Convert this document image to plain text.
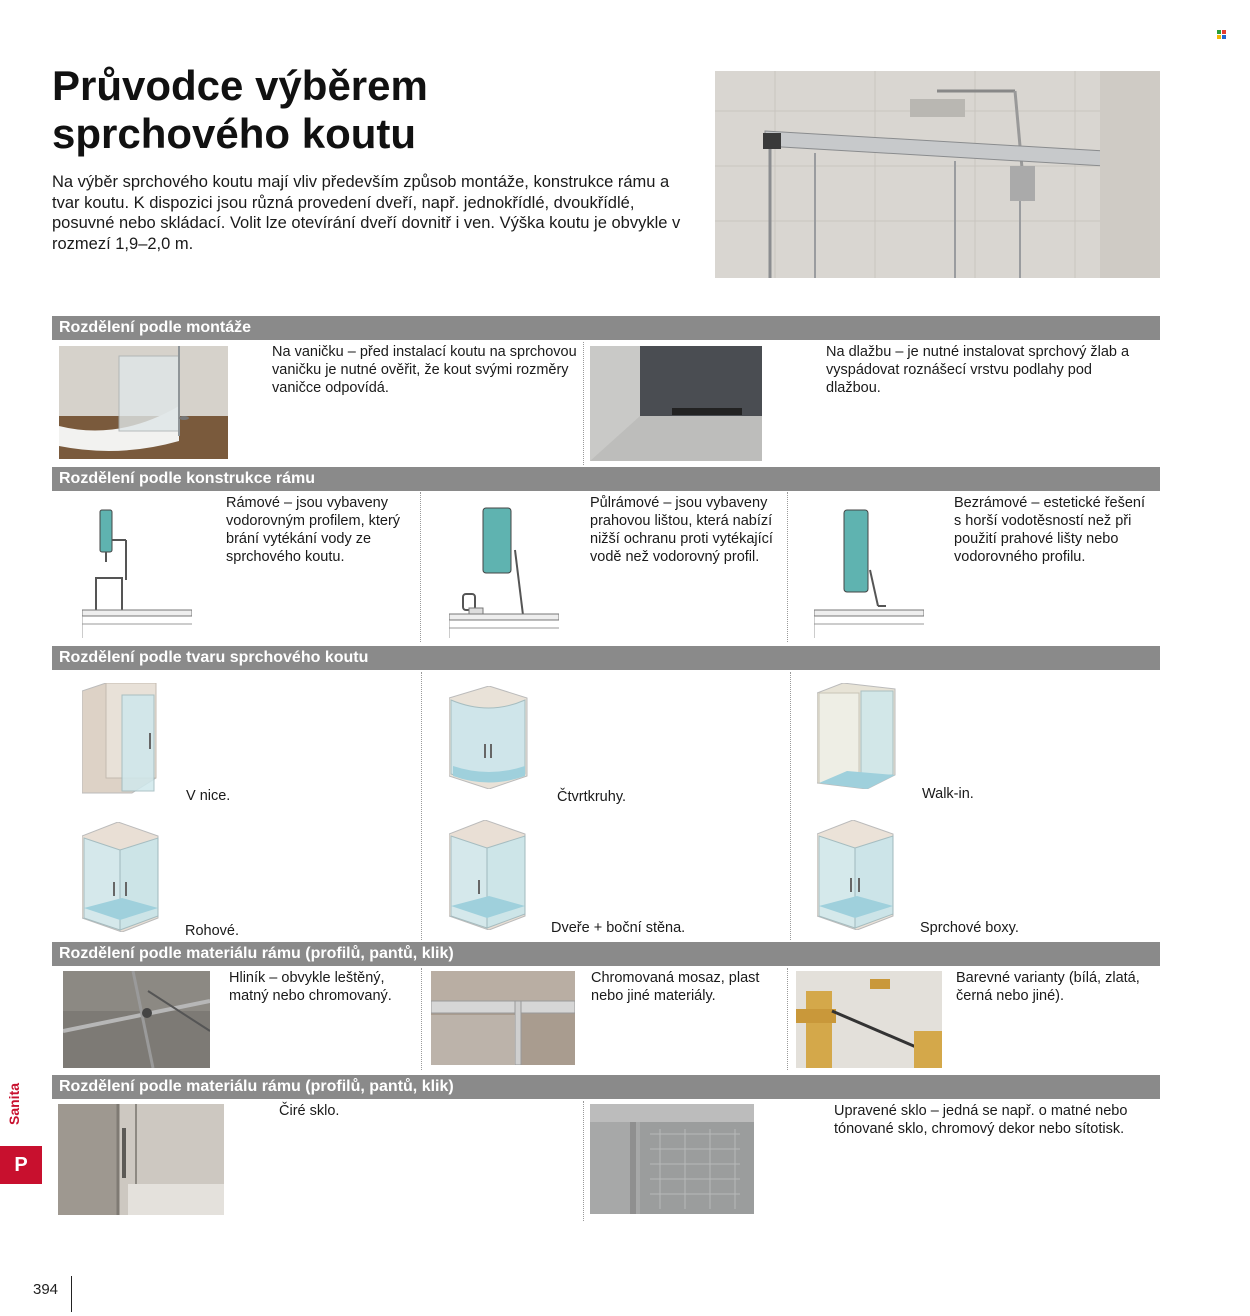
Průvodce výběrem
sprchového koutu
Na výběr sprchového koutu mají vliv především způsob montáže, konstrukce rámu a tvar koutu. K dispozici jsou různá provedení dveří, např. jednokřídlé, dvoukřídlé, posuvné nebo skládací. Volit lze otevírání dveří dovnitř i ven. Výška koutu je obvykle v rozmezí 1,9–2,0 m.
Rozdělení podle montáže
Na vaničku – před instalací koutu na sprchovou vaničku je nutné ověřit, že kout svými rozměry vaničce odpovídá.
Na dlažbu – je nutné instalovat sprchový žlab a vyspádovat roznášecí vrstvu podlahy pod dlažbou.
Rozdělení podle konstrukce rámu
Rámové – jsou vybaveny vodorovným profilem, který brání vytékání vody ze sprchového koutu.
Půlrámové – jsou vybaveny prahovou lištou, která nabízí nižší ochranu proti vytékající vodě než vodorovný profil.
Bezrámové – estetické řešení s horší vodotěsností než při použití prahové lišty nebo vodorovného profilu.
Rozdělení podle tvaru sprchového koutu
V nice.	Čtvrtkruhy.	Walk-in.
Rohové.	Dveře + boční stěna.	Sprchové boxy.
Rozdělení podle materiálu rámu (profilů, pantů, klik)
Hliník – obvykle leštěný, matný nebo chromovaný.
Chromovaná mosaz, plast nebo jiné materiály.
Barevné varianty (bílá, zlatá, černá nebo jiné).
Rozdělení podle materiálu rámu (profilů, pantů, klik)
Čiré sklo.	Upravené sklo – jedná se např. o matné nebo tónované sklo, chromový dekor nebo sítotisk.
Sanita
P
394
